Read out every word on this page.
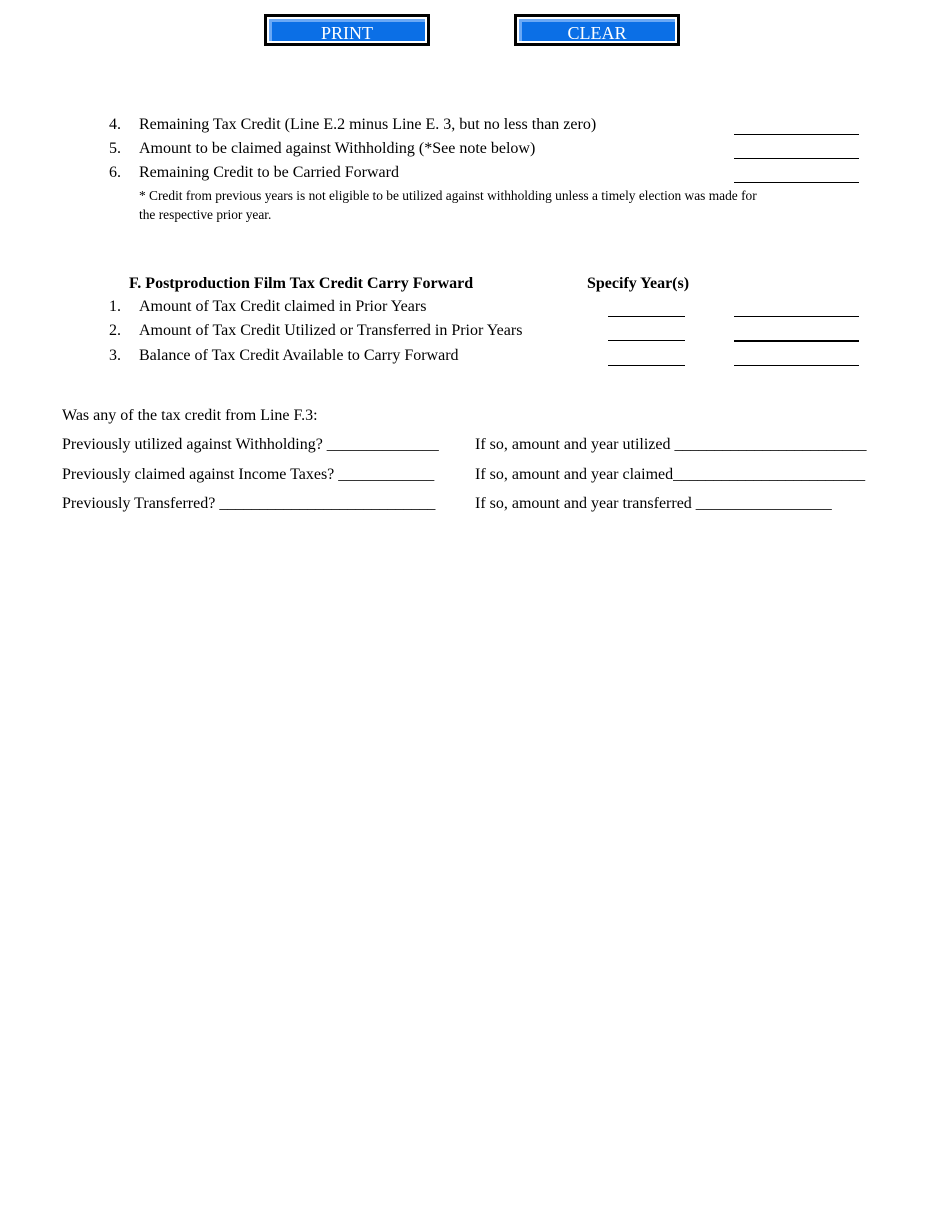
PRINT	CLEAR
4. Remaining Tax Credit (Line E.2 minus Line E. 3, but no less than zero)
5. Amount to be claimed against Withholding (*See note below)
6. Remaining Credit to be Carried Forward
* Credit from previous years is not eligible to be utilized against withholding unless a timely election was made for
the respective prior year.
F. Postproduction Film Tax Credit Carry Forward	Specify Year(s)
1. Amount of Tax Credit claimed in Prior Years
2. Amount of Tax Credit Utilized or Transferred in Prior Years
3. Balance of Tax Credit Available to Carry Forward
Was any of the tax credit from Line F.3:
Previously utilized against Withholding? ______________ If so, amount and year utilized ________________________
Previously claimed against Income Taxes? ____________	If so, amount and year claimed________________________
Previously Transferred? ___________________________ If so, amount and year transferred _________________
